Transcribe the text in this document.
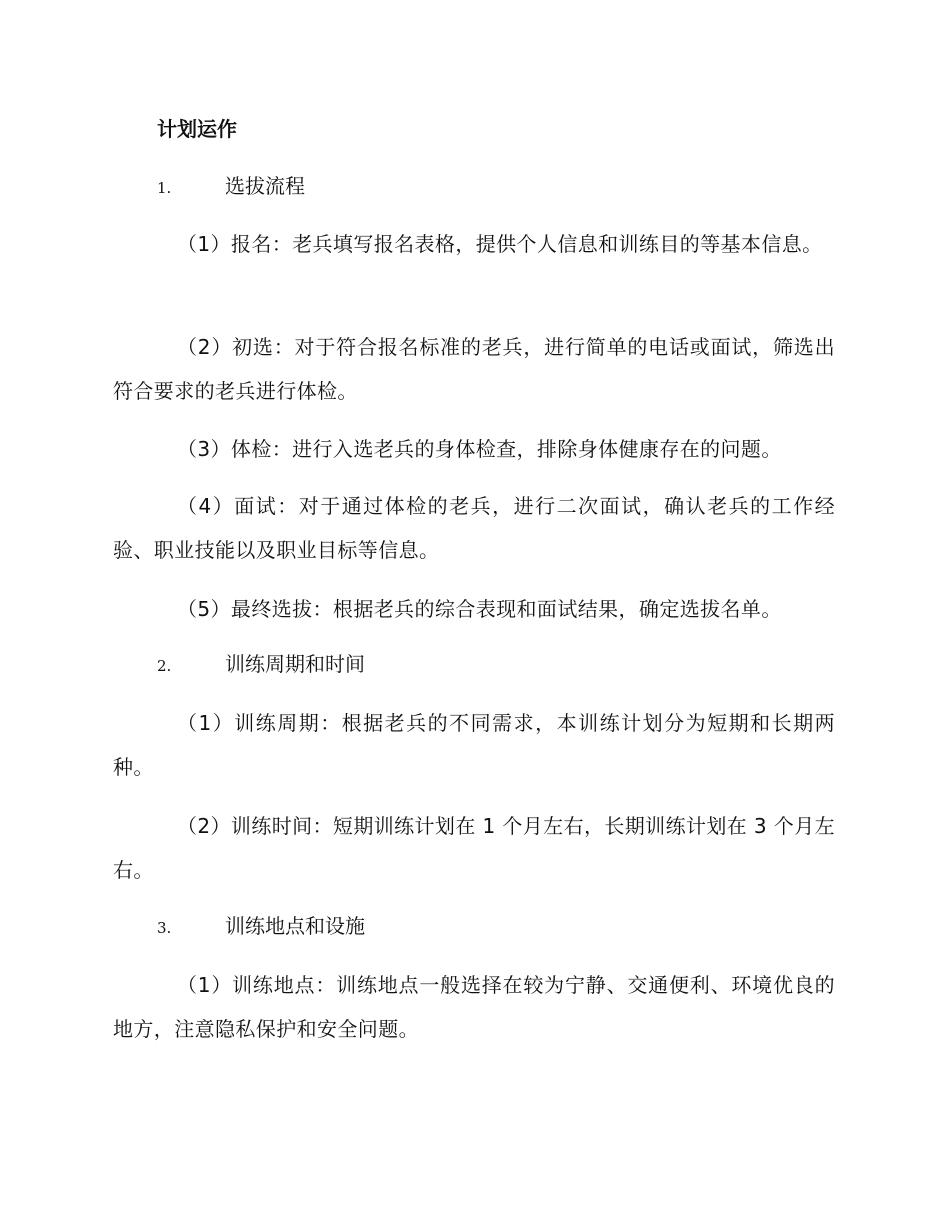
计划运作
1.	选拔流程
（1）报名：老兵填写报名表格，提供个人信息和训练目的等基本信息。
（2）初选：对于符合报名标准的老兵，进行简单的电话或面试，筛选出符合要求的老兵进行体检。
（3）体检：进行入选老兵的身体检查，排除身体健康存在的问题。
（4）面试：对于通过体检的老兵，进行二次面试，确认老兵的工作经验、职业技能以及职业目标等信息。
（5）最终选拔：根据老兵的综合表现和面试结果，确定选拔名单。
2.	训练周期和时间
（1）训练周期：根据老兵的不同需求，本训练计划分为短期和长期两种。
（2）训练时间：短期训练计划在 1 个月左右，长期训练计划在 3 个月左右。
3.	训练地点和设施
（1）训练地点：训练地点一般选择在较为宁静、交通便利、环境优良的地方，注意隐私保护和安全问题。
